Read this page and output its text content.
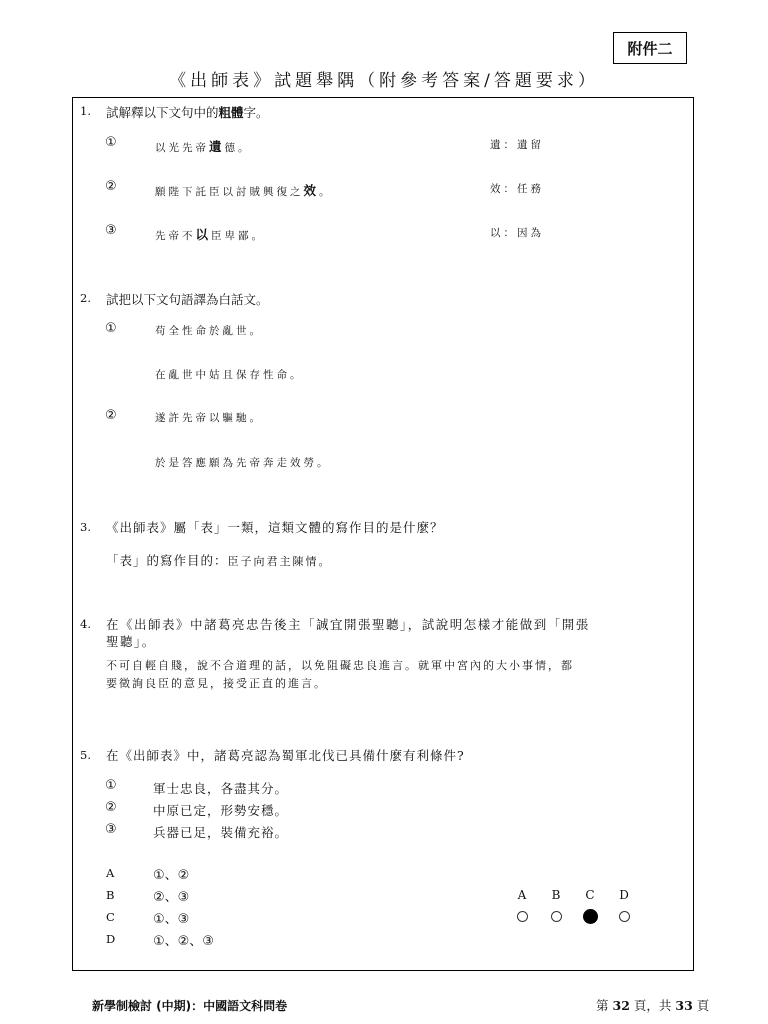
附件二
《出師表》試題舉隅（附參考答案/答題要求）
1. 試解釋以下文句中的粗體字。
①	以光先帝遺德。	遺：遺留
②	願陛下託臣以討賊興復之效。	效：任務
③	先帝不以臣卑鄙。	以：因為
2. 試把以下文句語譯為白話文。
①	苟全性命於亂世。
在亂世中姑且保存性命。
②	遂許先帝以驅馳。
於是答應願為先帝奔走效勞。
3. 《出師表》屬「表」一類，這類文體的寫作目的是什麼？
「表」的寫作目的：臣子向君主陳情。
4. 在《出師表》中諸葛亮忠告後主「誠宜開張聖聽」，試說明怎樣才能做到「開張
聖聽」。
不可自輕自賤，說不合道理的話，以免阻礙忠良進言。就軍中宮內的大小事情，都
要徵詢良臣的意見，接受正直的進言。
5. 在《出師表》中，諸葛亮認為蜀軍北伐已具備什麼有利條件?
①	軍士忠良，各盡其分。
②	中原已定，形勢安穩。
③	兵器已足，裝備充裕。
A	①、②
B	②、③
C	①、③
D	①、②、③
A B C D
新學制檢討 (中期)：中國語文科問卷	第 32 頁，共 33 頁
